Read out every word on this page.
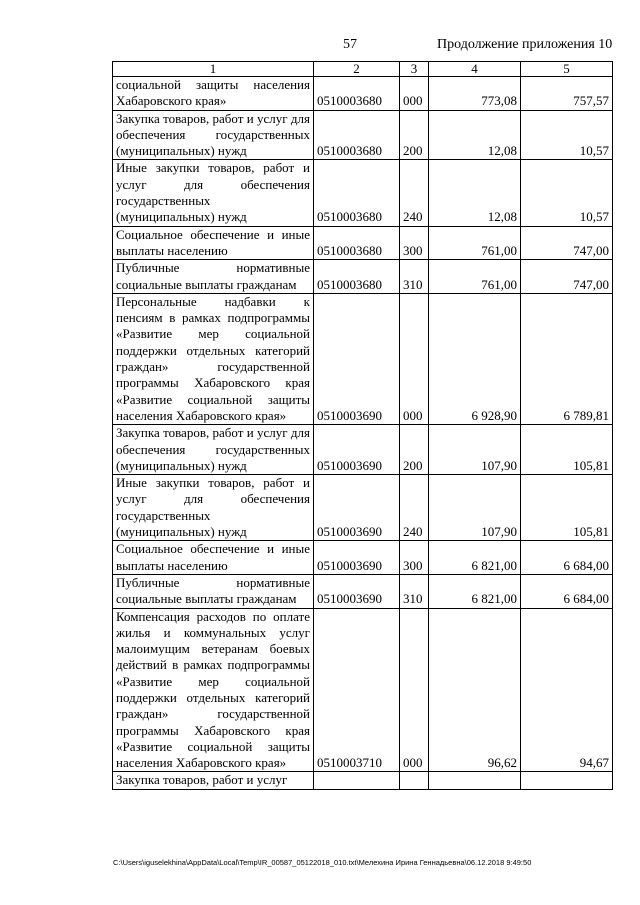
57	Продолжение приложения 10
1	2	3	4	5
социальной защиты населения Хабаровского края»	0510003680	000	773,08	757,57
Закупка товаров, работ и услуг для обеспечения государственных (муниципальных) нужд	0510003680	200	12,08	10,57
Иные закупки товаров, работ и услуг для обеспечения государственных (муниципальных) нужд	0510003680	240	12,08	10,57
Социальное обеспечение и иные выплаты населению	0510003680	300	761,00	747,00
Публичные нормативные социальные выплаты гражданам	0510003680	310	761,00	747,00
Персональные надбавки к пенсиям в рамках подпрограммы «Развитие мер социальной поддержки отдельных категорий граждан» государственной программы Хабаровского края «Развитие социальной защиты населения Хабаровского края»	0510003690	000	6 928,90	6 789,81
Закупка товаров, работ и услуг для обеспечения государственных (муниципальных) нужд	0510003690	200	107,90	105,81
Иные закупки товаров, работ и услуг для обеспечения государственных (муниципальных) нужд	0510003690	240	107,90	105,81
Социальное обеспечение и иные выплаты населению	0510003690	300	6 821,00	6 684,00
Публичные нормативные социальные выплаты гражданам	0510003690	310	6 821,00	6 684,00
Компенсация расходов по оплате жилья и коммунальных услуг малоимущим ветеранам боевых действий в рамках подпрограммы «Развитие мер социальной поддержки отдельных категорий граждан» государственной программы Хабаровского края «Развитие социальной защиты населения Хабаровского края»	0510003710	000	96,62	94,67
Закупка товаров, работ и услуг				
C:\Users\iguselekhina\AppData\Local\Temp\IR_00587_05122018_010.txt\Мелехина Ирина Геннадьевна\06.12.2018 9:49:50
